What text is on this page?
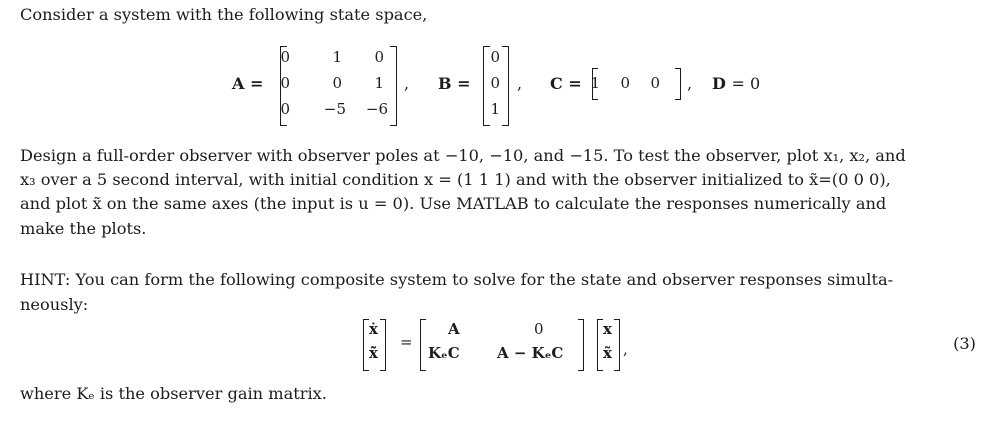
Consider a system with the following state space,
A =
0	1	0
0	0	1
0 −5 −6
, B =
0
0
1
, C = 1	0	0 , D = 0
Design a full-order observer with observer poles at −10, −10, and −15. To test the observer, plot x₁, x₂, and
x₃ over a 5 second interval, with initial condition x = (1 1 1) and with the observer initialized to x̃=(0 0 0),
and plot x̃ on the same axes (the input is u = 0). Use MATLAB to calculate the responses numerically and
make the plots.
HINT: You can form the following composite system to solve for the state and observer responses simulta-
neously:
ẋ
x̃̇
=
A	0
KₑC A − KₑC
x
x̃ ,	(3)
where Kₑ is the observer gain matrix.
